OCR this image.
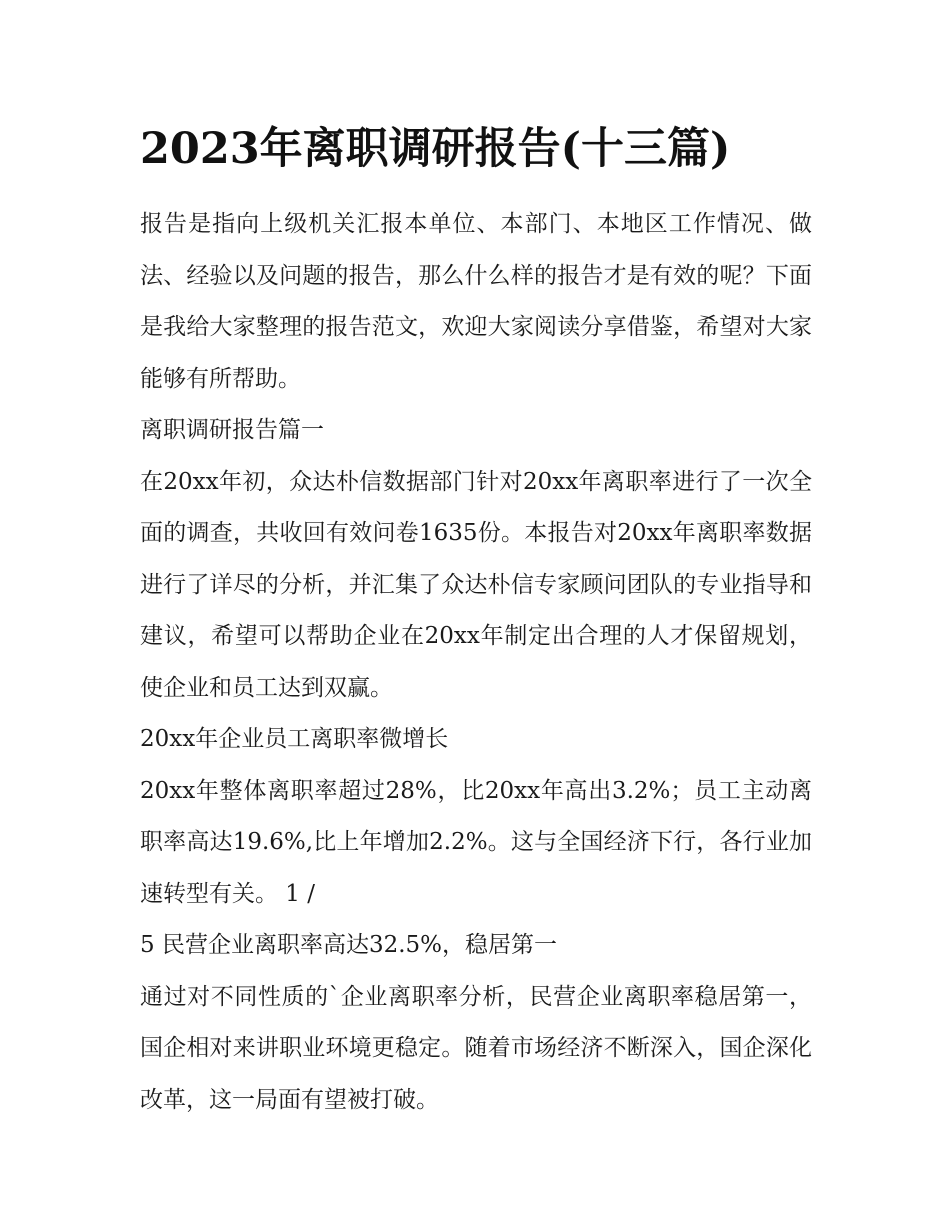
2023年离职调研报告(十三篇)

报告是指向上级机关汇报本单位、本部门、本地区工作情况、做法、经验以及问题的报告，那么什么样的报告才是有效的呢？下面是我给大家整理的报告范文，欢迎大家阅读分享借鉴，希望对大家能够有所帮助。

离职调研报告篇一

在20xx年初，众达朴信数据部门针对20xx年离职率进行了一次全面的调查，共收回有效问卷1635份。本报告对20xx年离职率数据进行了详尽的分析，并汇集了众达朴信专家顾问团队的专业指导和建议，希望可以帮助企业在20xx年制定出合理的人才保留规划，使企业和员工达到双赢。

20xx年企业员工离职率微增长

20xx年整体离职率超过28%，比20xx年高出3.2%；员工主动离职率高达19.6%,比上年增加2.2%。这与全国经济下行，各行业加速转型有关。 1 /

5 民营企业离职率高达32.5%，稳居第一

通过对不同性质的`企业离职率分析，民营企业离职率稳居第一，国企相对来讲职业环境更稳定。随着市场经济不断深入，国企深化改革，这一局面有望被打破。
